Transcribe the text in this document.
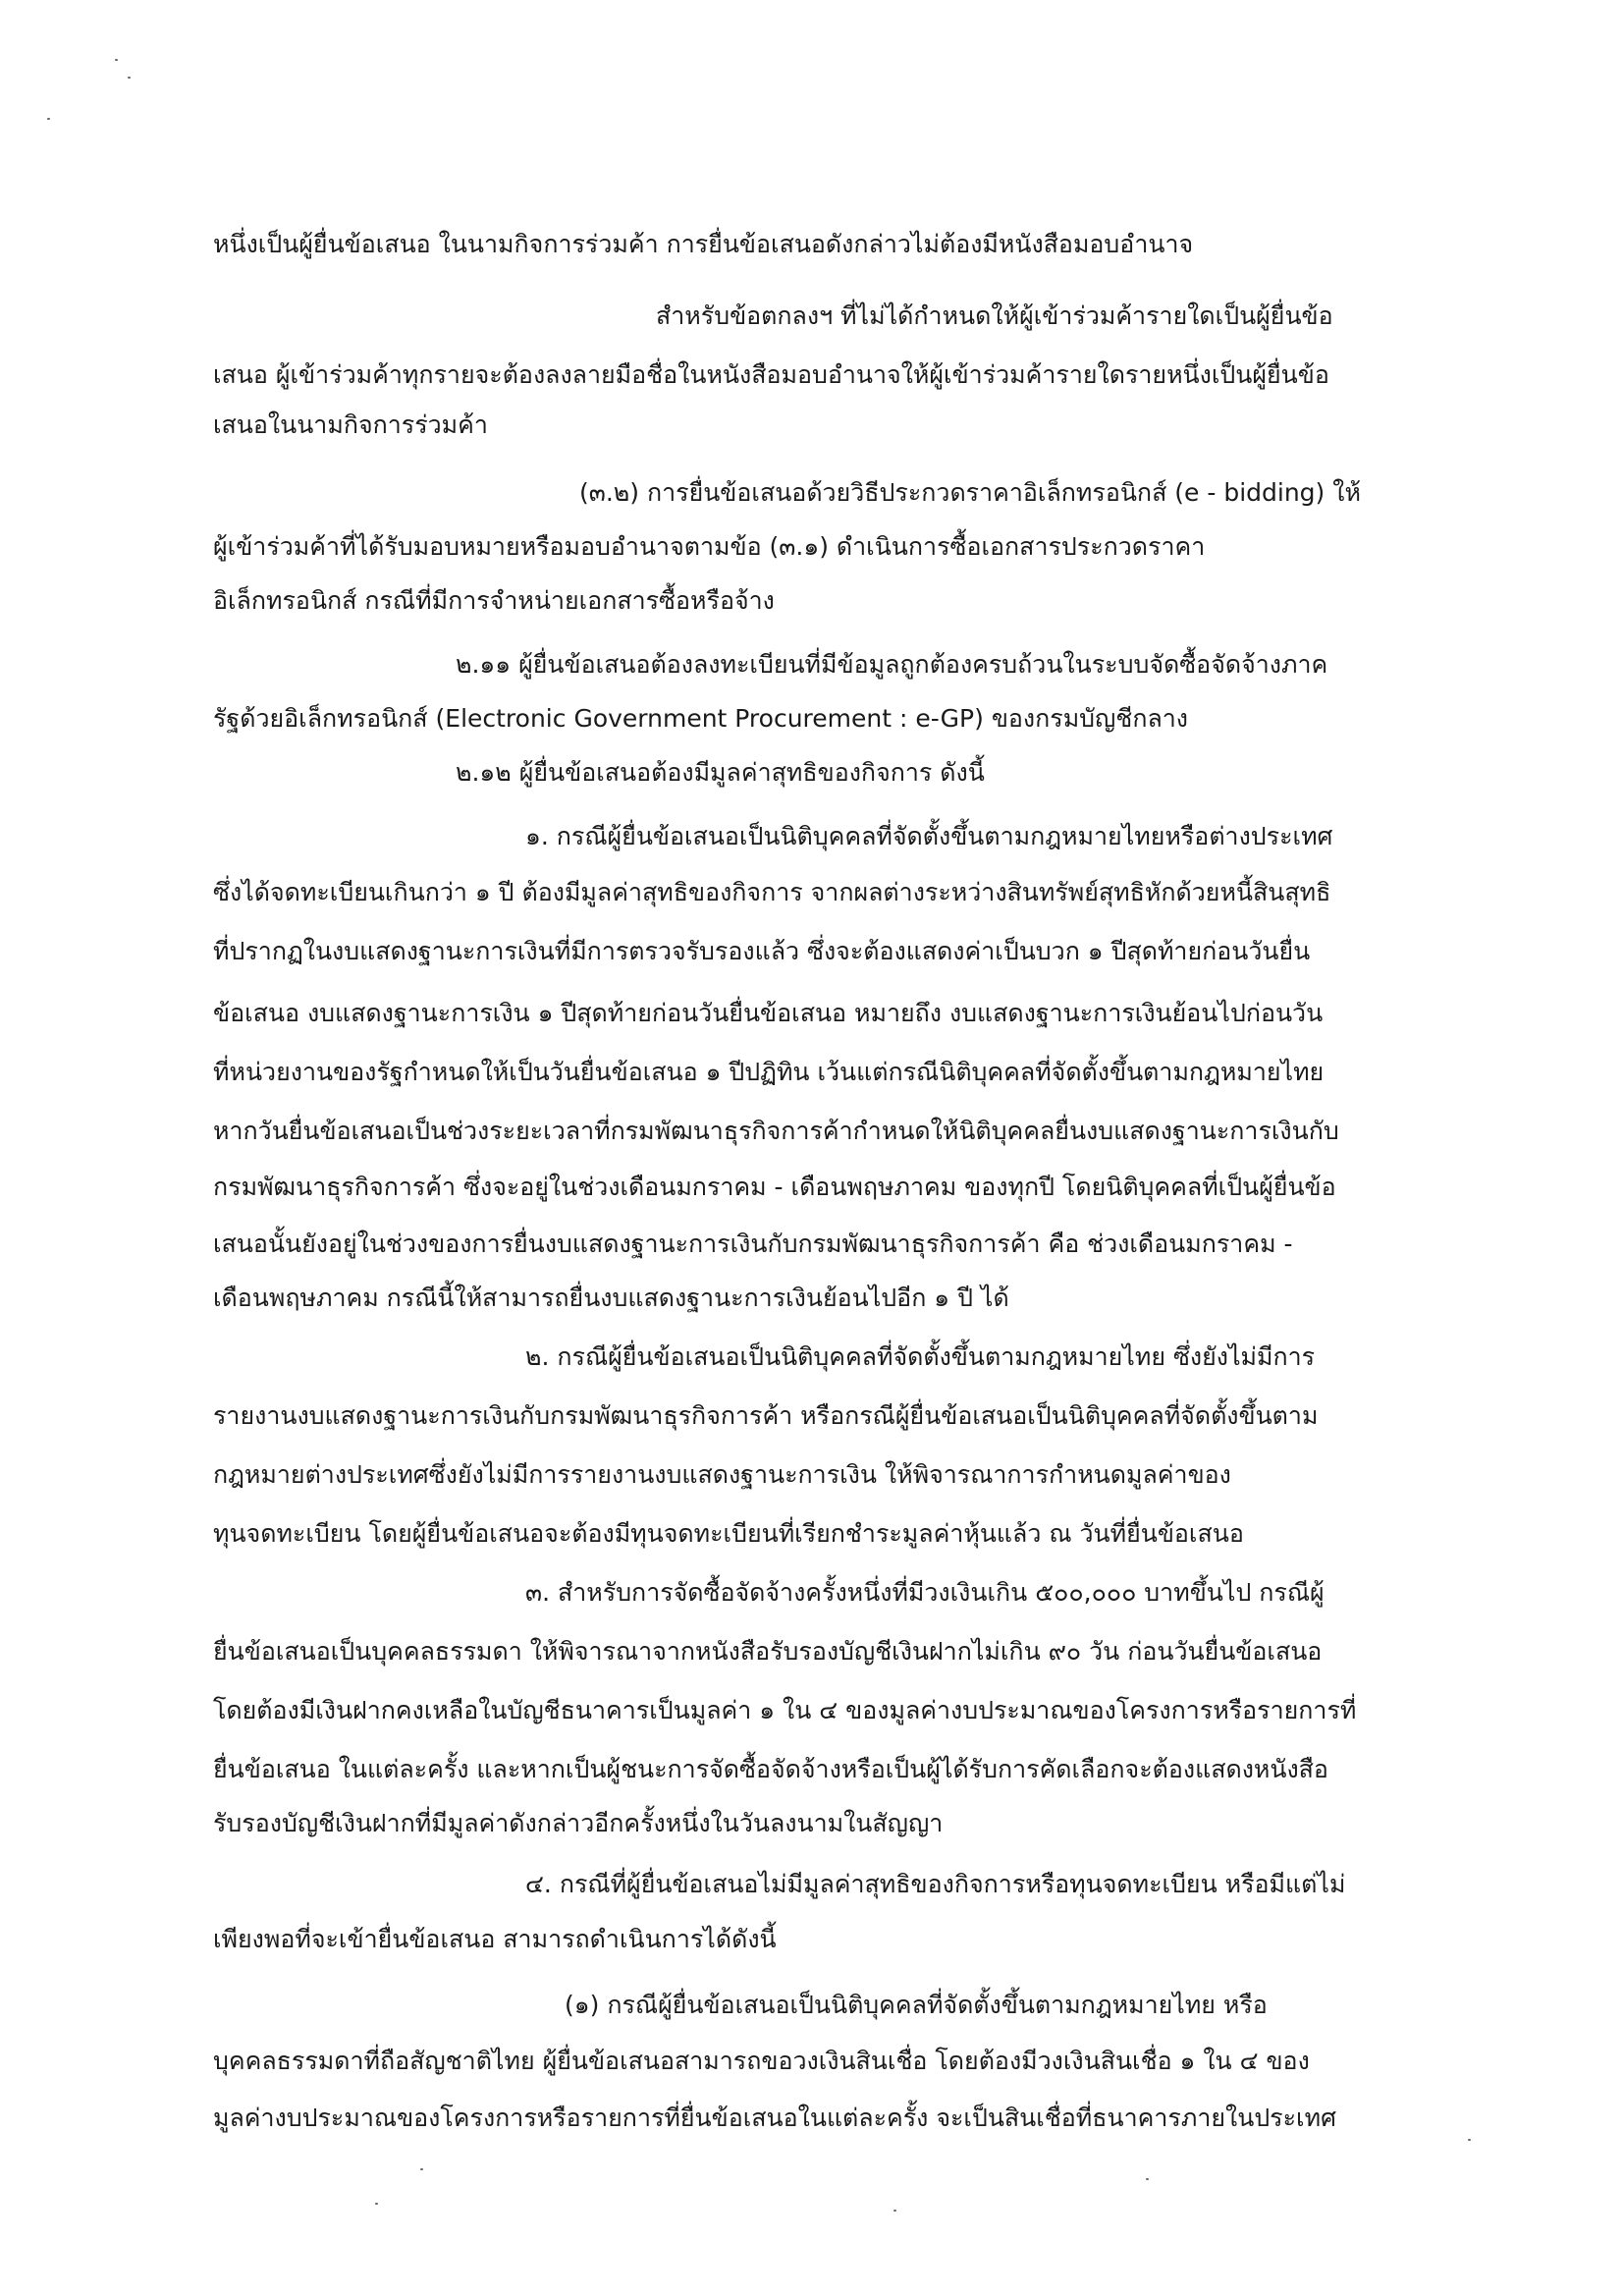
หนึ่งเป็นผู้ยื่นข้อเสนอ ในนามกิจการร่วมค้า การยื่นข้อเสนอดังกล่าวไม่ต้องมีหนังสือมอบอำนาจ
สำหรับข้อตกลงฯ ที่ไม่ได้กำหนดให้ผู้เข้าร่วมค้ารายใดเป็นผู้ยื่นข้อ
เสนอ ผู้เข้าร่วมค้าทุกรายจะต้องลงลายมือชื่อในหนังสือมอบอำนาจให้ผู้เข้าร่วมค้ารายใดรายหนึ่งเป็นผู้ยื่นข้อ
เสนอในนามกิจการร่วมค้า
(๓.๒) การยื่นข้อเสนอด้วยวิธีประกวดราคาอิเล็กทรอนิกส์ (e - bidding) ให้
ผู้เข้าร่วมค้าที่ได้รับมอบหมายหรือมอบอำนาจตามข้อ (๓.๑) ดำเนินการซื้อเอกสารประกวดราคา
อิเล็กทรอนิกส์ กรณีที่มีการจำหน่ายเอกสารซื้อหรือจ้าง
๒.๑๑ ผู้ยื่นข้อเสนอต้องลงทะเบียนที่มีข้อมูลถูกต้องครบถ้วนในระบบจัดซื้อจัดจ้างภาค
รัฐด้วยอิเล็กทรอนิกส์ (Electronic Government Procurement : e-GP) ของกรมบัญชีกลาง
๒.๑๒ ผู้ยื่นข้อเสนอต้องมีมูลค่าสุทธิของกิจการ ดังนี้
๑. กรณีผู้ยื่นข้อเสนอเป็นนิติบุคคลที่จัดตั้งขึ้นตามกฎหมายไทยหรือต่างประเทศ
ซึ่งได้จดทะเบียนเกินกว่า ๑ ปี ต้องมีมูลค่าสุทธิของกิจการ จากผลต่างระหว่างสินทรัพย์สุทธิหักด้วยหนี้สินสุทธิ
ที่ปรากฏในงบแสดงฐานะการเงินที่มีการตรวจรับรองแล้ว ซึ่งจะต้องแสดงค่าเป็นบวก ๑ ปีสุดท้ายก่อนวันยื่น
ข้อเสนอ งบแสดงฐานะการเงิน ๑ ปีสุดท้ายก่อนวันยื่นข้อเสนอ หมายถึง งบแสดงฐานะการเงินย้อนไปก่อนวัน
ที่หน่วยงานของรัฐกำหนดให้เป็นวันยื่นข้อเสนอ ๑ ปีปฏิทิน เว้นแต่กรณีนิติบุคคลที่จัดตั้งขึ้นตามกฎหมายไทย
หากวันยื่นข้อเสนอเป็นช่วงระยะเวลาที่กรมพัฒนาธุรกิจการค้ากำหนดให้นิติบุคคลยื่นงบแสดงฐานะการเงินกับ
กรมพัฒนาธุรกิจการค้า ซึ่งจะอยู่ในช่วงเดือนมกราคม - เดือนพฤษภาคม ของทุกปี โดยนิติบุคคลที่เป็นผู้ยื่นข้อ
เสนอนั้นยังอยู่ในช่วงของการยื่นงบแสดงฐานะการเงินกับกรมพัฒนาธุรกิจการค้า คือ ช่วงเดือนมกราคม -
เดือนพฤษภาคม กรณีนี้ให้สามารถยื่นงบแสดงฐานะการเงินย้อนไปอีก ๑ ปี ได้
๒. กรณีผู้ยื่นข้อเสนอเป็นนิติบุคคลที่จัดตั้งขึ้นตามกฎหมายไทย ซึ่งยังไม่มีการ
รายงานงบแสดงฐานะการเงินกับกรมพัฒนาธุรกิจการค้า หรือกรณีผู้ยื่นข้อเสนอเป็นนิติบุคคลที่จัดตั้งขึ้นตาม
กฎหมายต่างประเทศซึ่งยังไม่มีการรายงานงบแสดงฐานะการเงิน ให้พิจารณาการกำหนดมูลค่าของ
ทุนจดทะเบียน โดยผู้ยื่นข้อเสนอจะต้องมีทุนจดทะเบียนที่เรียกชำระมูลค่าหุ้นแล้ว ณ วันที่ยื่นข้อเสนอ
๓. สำหรับการจัดซื้อจัดจ้างครั้งหนึ่งที่มีวงเงินเกิน ๕๐๐,๐๐๐ บาทขึ้นไป กรณีผู้
ยื่นข้อเสนอเป็นบุคคลธรรมดา ให้พิจารณาจากหนังสือรับรองบัญชีเงินฝากไม่เกิน ๙๐ วัน ก่อนวันยื่นข้อเสนอ
โดยต้องมีเงินฝากคงเหลือในบัญชีธนาคารเป็นมูลค่า ๑ ใน ๔ ของมูลค่างบประมาณของโครงการหรือรายการที่
ยื่นข้อเสนอ ในแต่ละครั้ง และหากเป็นผู้ชนะการจัดซื้อจัดจ้างหรือเป็นผู้ได้รับการคัดเลือกจะต้องแสดงหนังสือ
รับรองบัญชีเงินฝากที่มีมูลค่าดังกล่าวอีกครั้งหนึ่งในวันลงนามในสัญญา
๔. กรณีที่ผู้ยื่นข้อเสนอไม่มีมูลค่าสุทธิของกิจการหรือทุนจดทะเบียน หรือมีแต่ไม่
เพียงพอที่จะเข้ายื่นข้อเสนอ สามารถดำเนินการได้ดังนี้
(๑) กรณีผู้ยื่นข้อเสนอเป็นนิติบุคคลที่จัดตั้งขึ้นตามกฎหมายไทย หรือ
บุคคลธรรมดาที่ถือสัญชาติไทย ผู้ยื่นข้อเสนอสามารถขอวงเงินสินเชื่อ โดยต้องมีวงเงินสินเชื่อ ๑ ใน ๔ ของ
มูลค่างบประมาณของโครงการหรือรายการที่ยื่นข้อเสนอในแต่ละครั้ง จะเป็นสินเชื่อที่ธนาคารภายในประเทศ
